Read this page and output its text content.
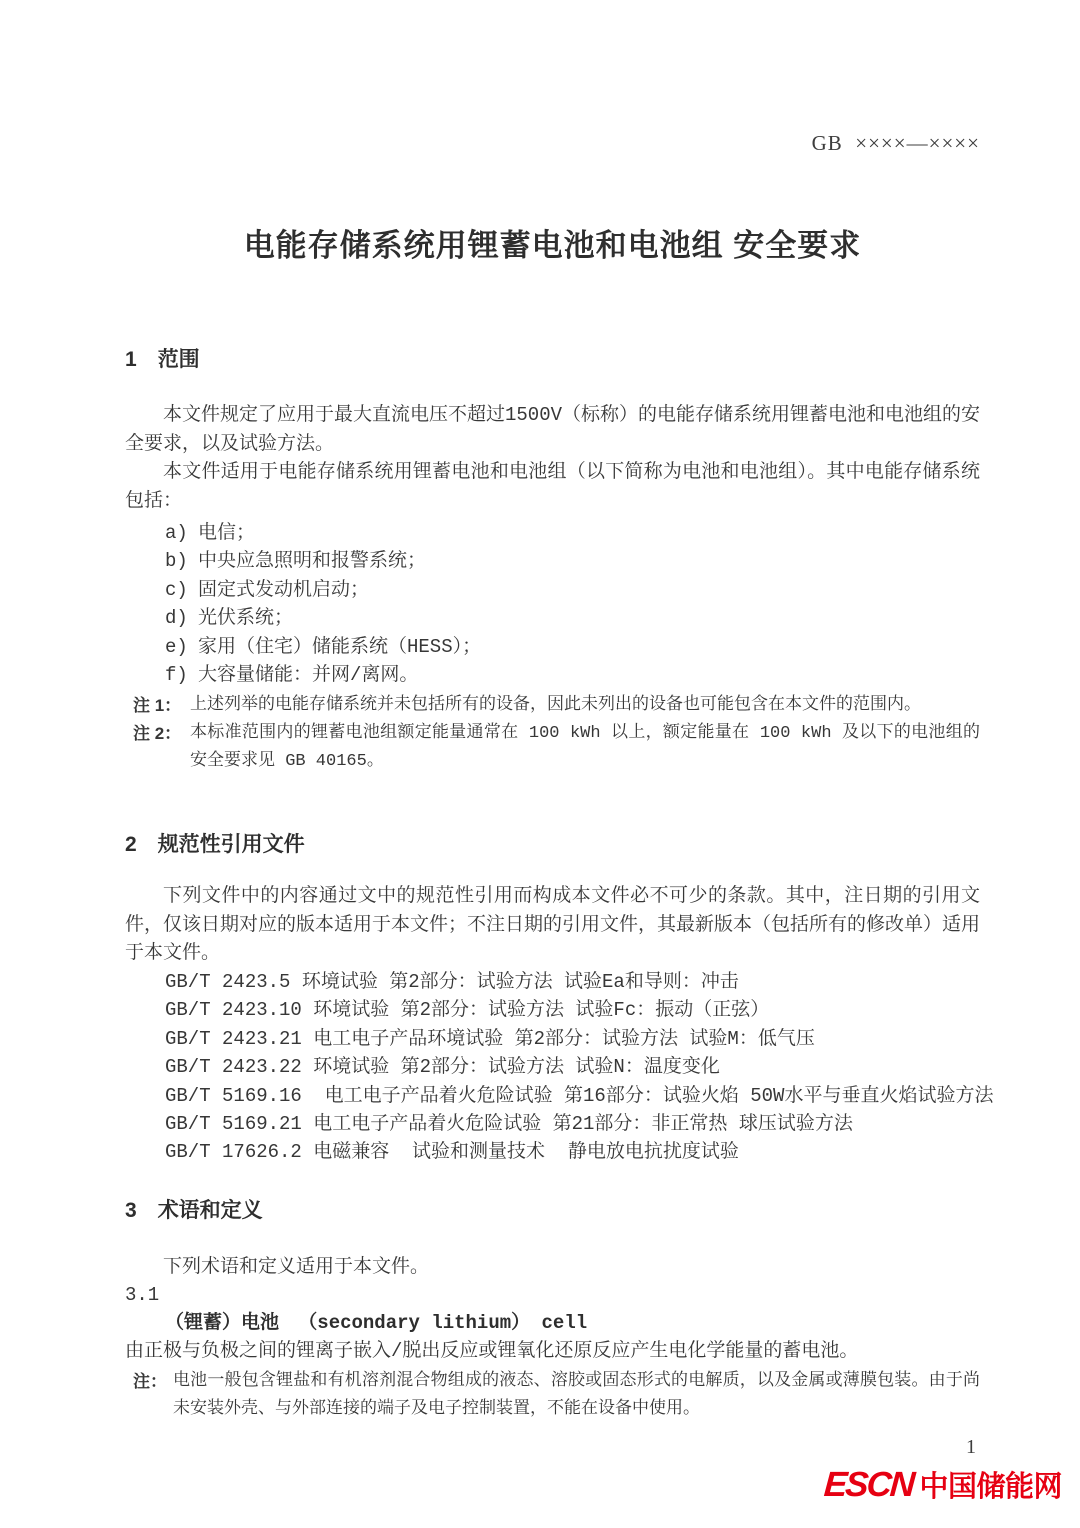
GB  ××××—××××
电能存储系统用锂蓄电池和电池组 安全要求
1 范围
本文件规定了应用于最大直流电压不超过1500V（标称）的电能存储系统用锂蓄电池和电池组的安全要求，以及试验方法。
本文件适用于电能存储系统用锂蓄电池和电池组（以下简称为电池和电池组）。其中电能存储系统包括：
a) 电信；
b) 中央应急照明和报警系统；
c) 固定式发动机启动；
d) 光伏系统；
e) 家用（住宅）储能系统（HESS）；
f) 大容量储能：并网/离网。
注 1： 上述列举的电能存储系统并未包括所有的设备，因此未列出的设备也可能包含在本文件的范围内。
注 2： 本标准范围内的锂蓄电池组额定能量通常在 100 kWh 以上，额定能量在 100 kWh 及以下的电池组的安全要求见 GB 40165。
2 规范性引用文件
下列文件中的内容通过文中的规范性引用而构成本文件必不可少的条款。其中，注日期的引用文件，仅该日期对应的版本适用于本文件；不注日期的引用文件，其最新版本（包括所有的修改单）适用于本文件。
GB/T 2423.5 环境试验 第2部分：试验方法 试验Ea和导则：冲击
GB/T 2423.10 环境试验 第2部分：试验方法 试验Fc：振动（正弦）
GB/T 2423.21 电工电子产品环境试验 第2部分：试验方法 试验M：低气压
GB/T 2423.22 环境试验 第2部分：试验方法 试验N：温度变化
GB/T 5169.16  电工电子产品着火危险试验 第16部分：试验火焰 50W水平与垂直火焰试验方法
GB/T 5169.21 电工电子产品着火危险试验 第21部分：非正常热 球压试验方法
GB/T 17626.2 电磁兼容  试验和测量技术  静电放电抗扰度试验
3 术语和定义
下列术语和定义适用于本文件。
3.1
（锂蓄）电池 （secondary lithium） cell
由正极与负极之间的锂离子嵌入/脱出反应或锂氧化还原反应产生电化学能量的蓄电池。
注： 电池一般包含锂盐和有机溶剂混合物组成的液态、溶胶或固态形式的电解质，以及金属或薄膜包装。由于尚未安装外壳、与外部连接的端子及电子控制装置，不能在设备中使用。
1
ESCN 中国储能网
